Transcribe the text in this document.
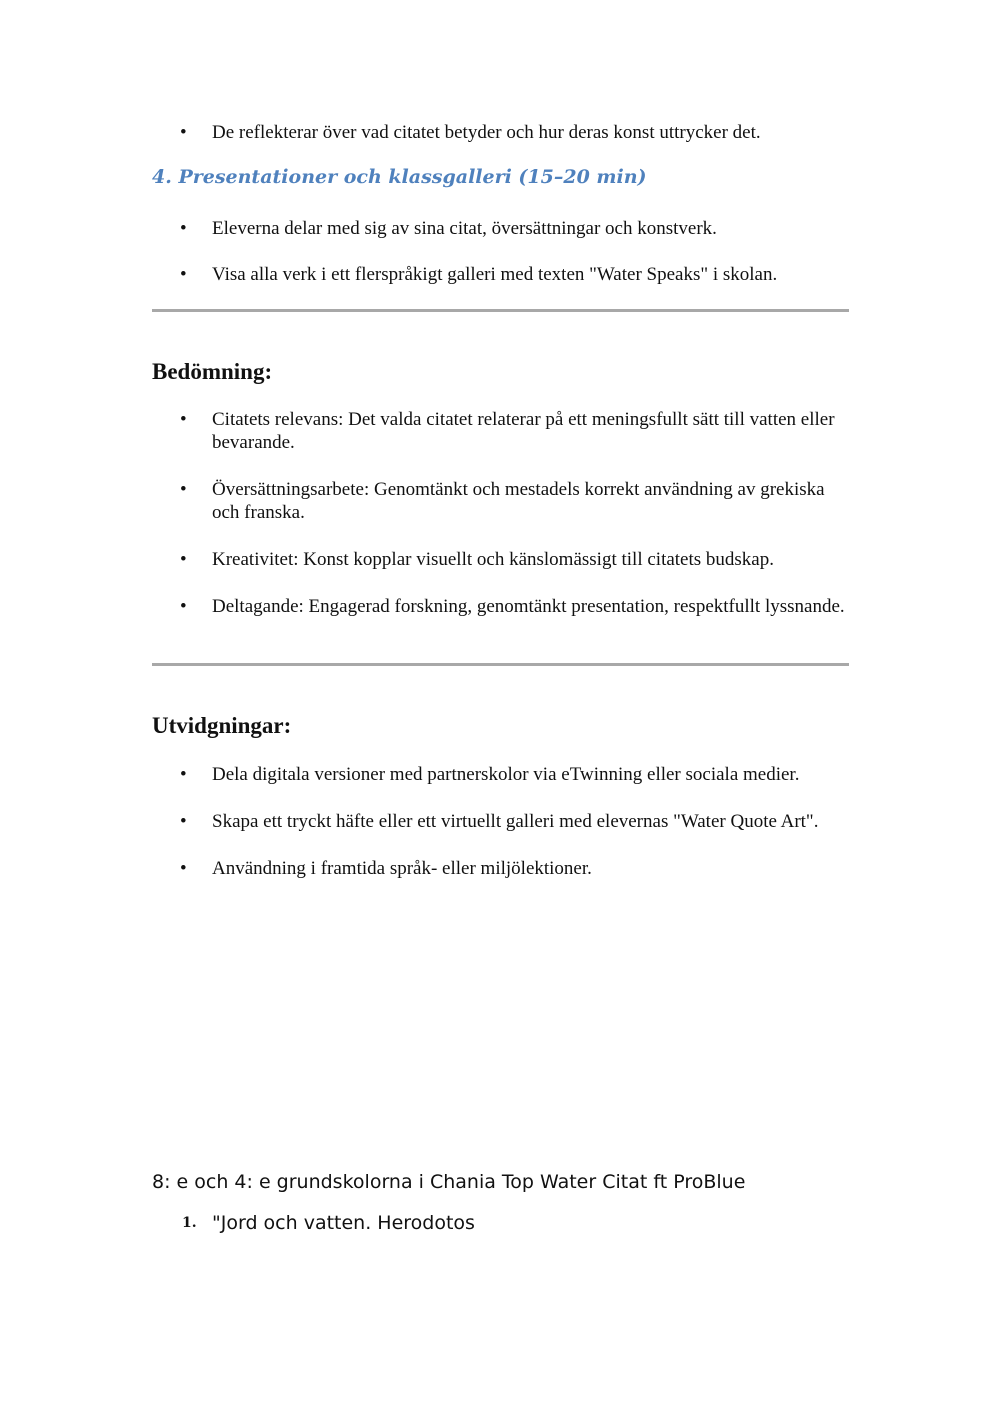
• De reflekterar över vad citatet betyder och hur deras konst uttrycker det.
4. Presentationer och klassgalleri (15–20 min)
• Eleverna delar med sig av sina citat, översättningar och konstverk.
• Visa alla verk i ett flerspråkigt galleri med texten "Water Speaks" i skolan.
Bedömning:
• Citatets relevans: Det valda citatet relaterar på ett meningsfullt sätt till vatten eller bevarande.
• Översättningsarbete: Genomtänkt och mestadels korrekt användning av grekiska och franska.
• Kreativitet: Konst kopplar visuellt och känslomässigt till citatets budskap.
• Deltagande: Engagerad forskning, genomtänkt presentation, respektfullt lyssnande.
Utvidgningar:
• Dela digitala versioner med partnerskolor via eTwinning eller sociala medier.
• Skapa ett tryckt häfte eller ett virtuellt galleri med elevernas "Water Quote Art".
• Användning i framtida språk- eller miljölektioner.

8: e och 4: e grundskolorna i Chania Top Water Citat ft ProBlue

1. "Jord och vatten. Herodotos
